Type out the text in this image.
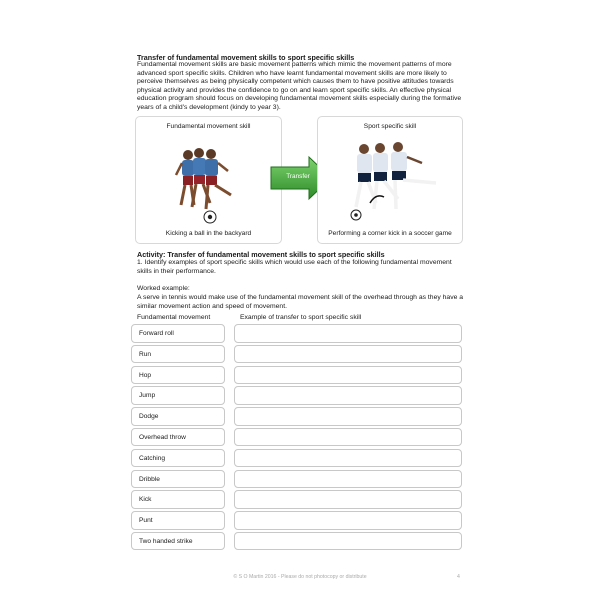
Transfer of fundamental movement skills to sport specific skills
Fundamental movement skills are basic movement patterns which mimic the movement patterns of more advanced sport specific skills. Children who have learnt fundamental movement skills are more likely to perceive themselves as being physically competent which causes them to have positive attitudes towards physical activity and provides the confidence to go on and learn sport specific skills. An effective physical education program should focus on developing fundamental movement skills especially during the formative years of a child's development (kindy to year 3).
Fundamental movement skill
Kicking a ball in the backyard
Transfer
Sport specific skill
Performing a corner kick in a soccer game
Activity: Transfer of fundamental movement skills to sport specific skills
1. Identify examples of sport specific skills which would use each of the following fundamental movement skills in their performance.
Worked example:
A serve in tennis would make use of the fundamental movement skill of the overhead through as they have a similar movement action and speed of movement.
Fundamental movement	Example of transfer to sport specific skill
Forward roll
Run
Hop
Jump
Dodge
Overhead throw
Catching
Dribble
Kick
Punt
Two handed strike
© S O Martin 2016 - Please do not photocopy or distribute	4
